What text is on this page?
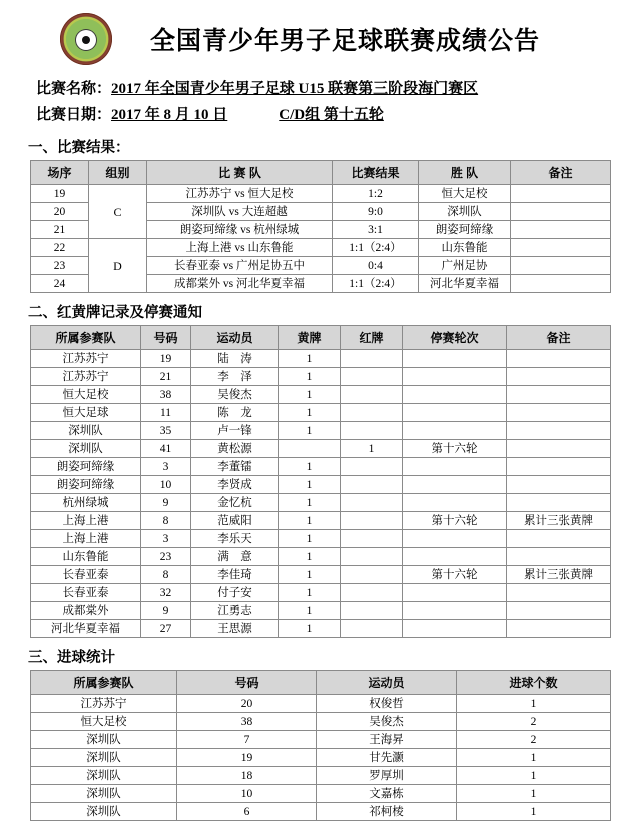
全国青少年男子足球联赛成绩公告
比赛名称：2017 年全国青少年男子足球 U15 联赛第三阶段海门赛区
比赛日期：2017 年 8 月 10 日	C/D组 第十五轮
一、比赛结果：
场序	组别	比 赛 队	比赛结果	胜 队	备注
19	C	江苏苏宁 vs 恒大足校	1:2	恒大足校	
20		深圳队 vs 大连超越	9:0	深圳队	
21		朗姿珂缔缘 vs 杭州绿城	3:1	朗姿珂缔缘	
22	D	上海上港 vs 山东鲁能	1:1（2:4）	山东鲁能	
23		长春亚泰 vs 广州足协五中	0:4	广州足协	
24		成都棠外 vs 河北华夏幸福	1:1（2:4）	河北华夏幸福	
二、红黄牌记录及停赛通知
所属参赛队	号码	运动员	黄牌	红牌	停赛轮次	备注
江苏苏宁	19	陆　涛	1			
江苏苏宁	21	李　泽	1			
恒大足校	38	吴俊杰	1			
恒大足球	11	陈　龙	1			
深圳队	35	卢一锋	1			
深圳队	41	黄松源		1	第十六轮	
朗姿珂缔缘	3	李董镭	1			
朗姿珂缔缘	10	李贤成	1			
杭州绿城	9	金忆杭	1			
上海上港	8	范威阳	1		第十六轮	累计三张黄牌
上海上港	3	李乐天	1			
山东鲁能	23	满　意	1			
长春亚泰	8	李佳琦	1		第十六轮	累计三张黄牌
长春亚泰	32	付子安	1			
成都棠外	9	江勇志	1			
河北华夏幸福	27	王思源	1			
三、进球统计
所属参赛队	号码	运动员	进球个数
江苏苏宁	20	权俊哲	1
恒大足校	38	吴俊杰	2
深圳队	7	王海昇	2
深圳队	19	甘先灏	1
深圳队	18	罗厚圳	1
深圳队	10	文嘉栋	1
深圳队	6	祁柯棱	1
